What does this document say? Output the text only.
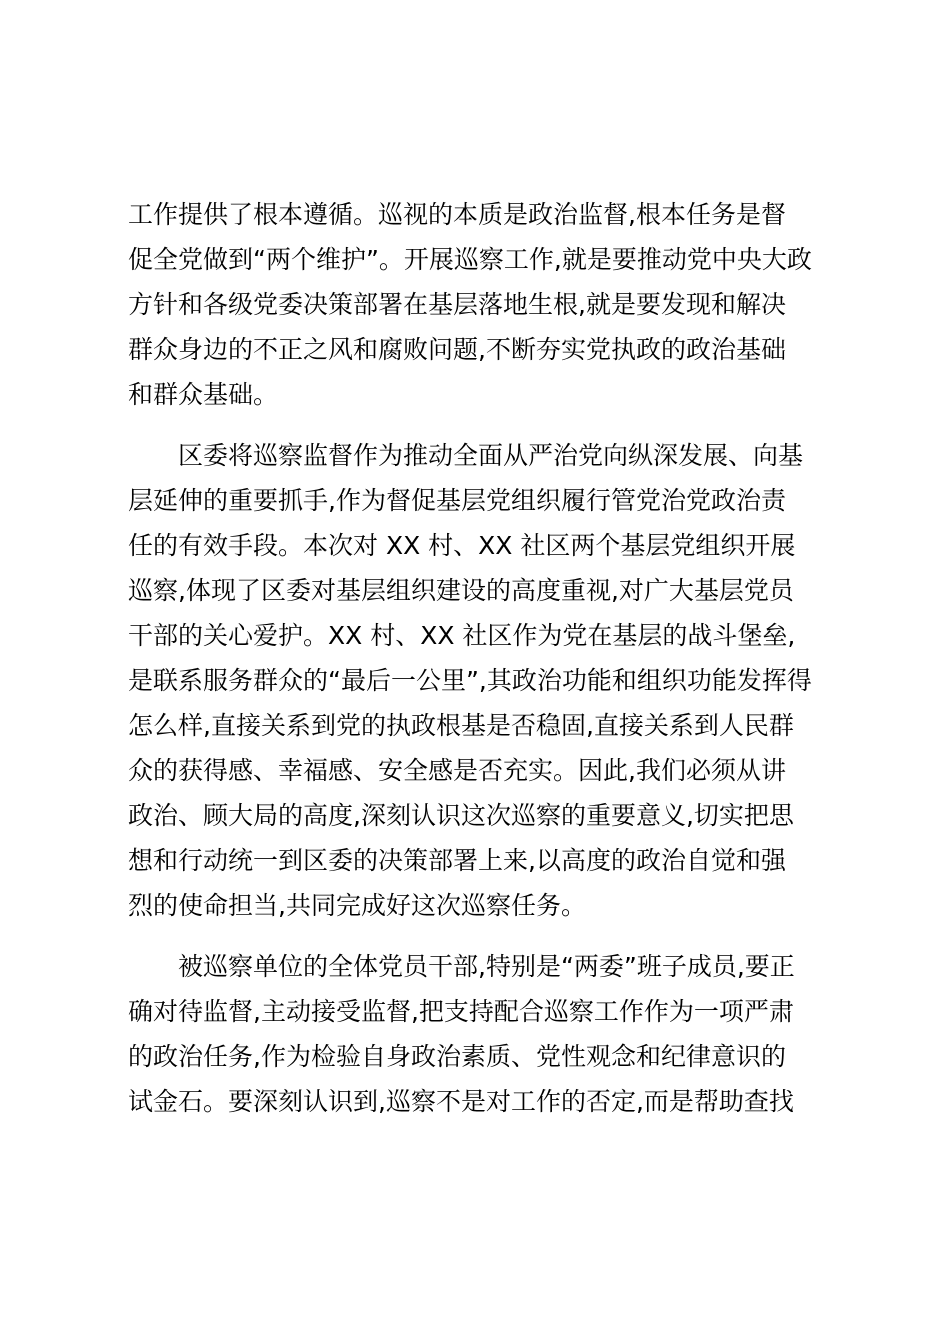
工作提供了根本遵循。巡视的本质是政治监督,根本任务是督
促全党做到“两个维护”。开展巡察工作,就是要推动党中央大政
方针和各级党委决策部署在基层落地生根,就是要发现和解决
群众身边的不正之风和腐败问题,不断夯实党执政的政治基础
和群众基础。
区委将巡察监督作为推动全面从严治党向纵深发展、向基
层延伸的重要抓手,作为督促基层党组织履行管党治党政治责
任的有效手段。本次对 XX 村、XX 社区两个基层党组织开展
巡察,体现了区委对基层组织建设的高度重视,对广大基层党员
干部的关心爱护。XX 村、XX 社区作为党在基层的战斗堡垒,
是联系服务群众的“最后一公里”,其政治功能和组织功能发挥得
怎么样,直接关系到党的执政根基是否稳固,直接关系到人民群
众的获得感、幸福感、安全感是否充实。因此,我们必须从讲
政治、顾大局的高度,深刻认识这次巡察的重要意义,切实把思
想和行动统一到区委的决策部署上来,以高度的政治自觉和强
烈的使命担当,共同完成好这次巡察任务。
被巡察单位的全体党员干部,特别是“两委”班子成员,要正
确对待监督,主动接受监督,把支持配合巡察工作作为一项严肃
的政治任务,作为检验自身政治素质、党性观念和纪律意识的
试金石。要深刻认识到,巡察不是对工作的否定,而是帮助查找
